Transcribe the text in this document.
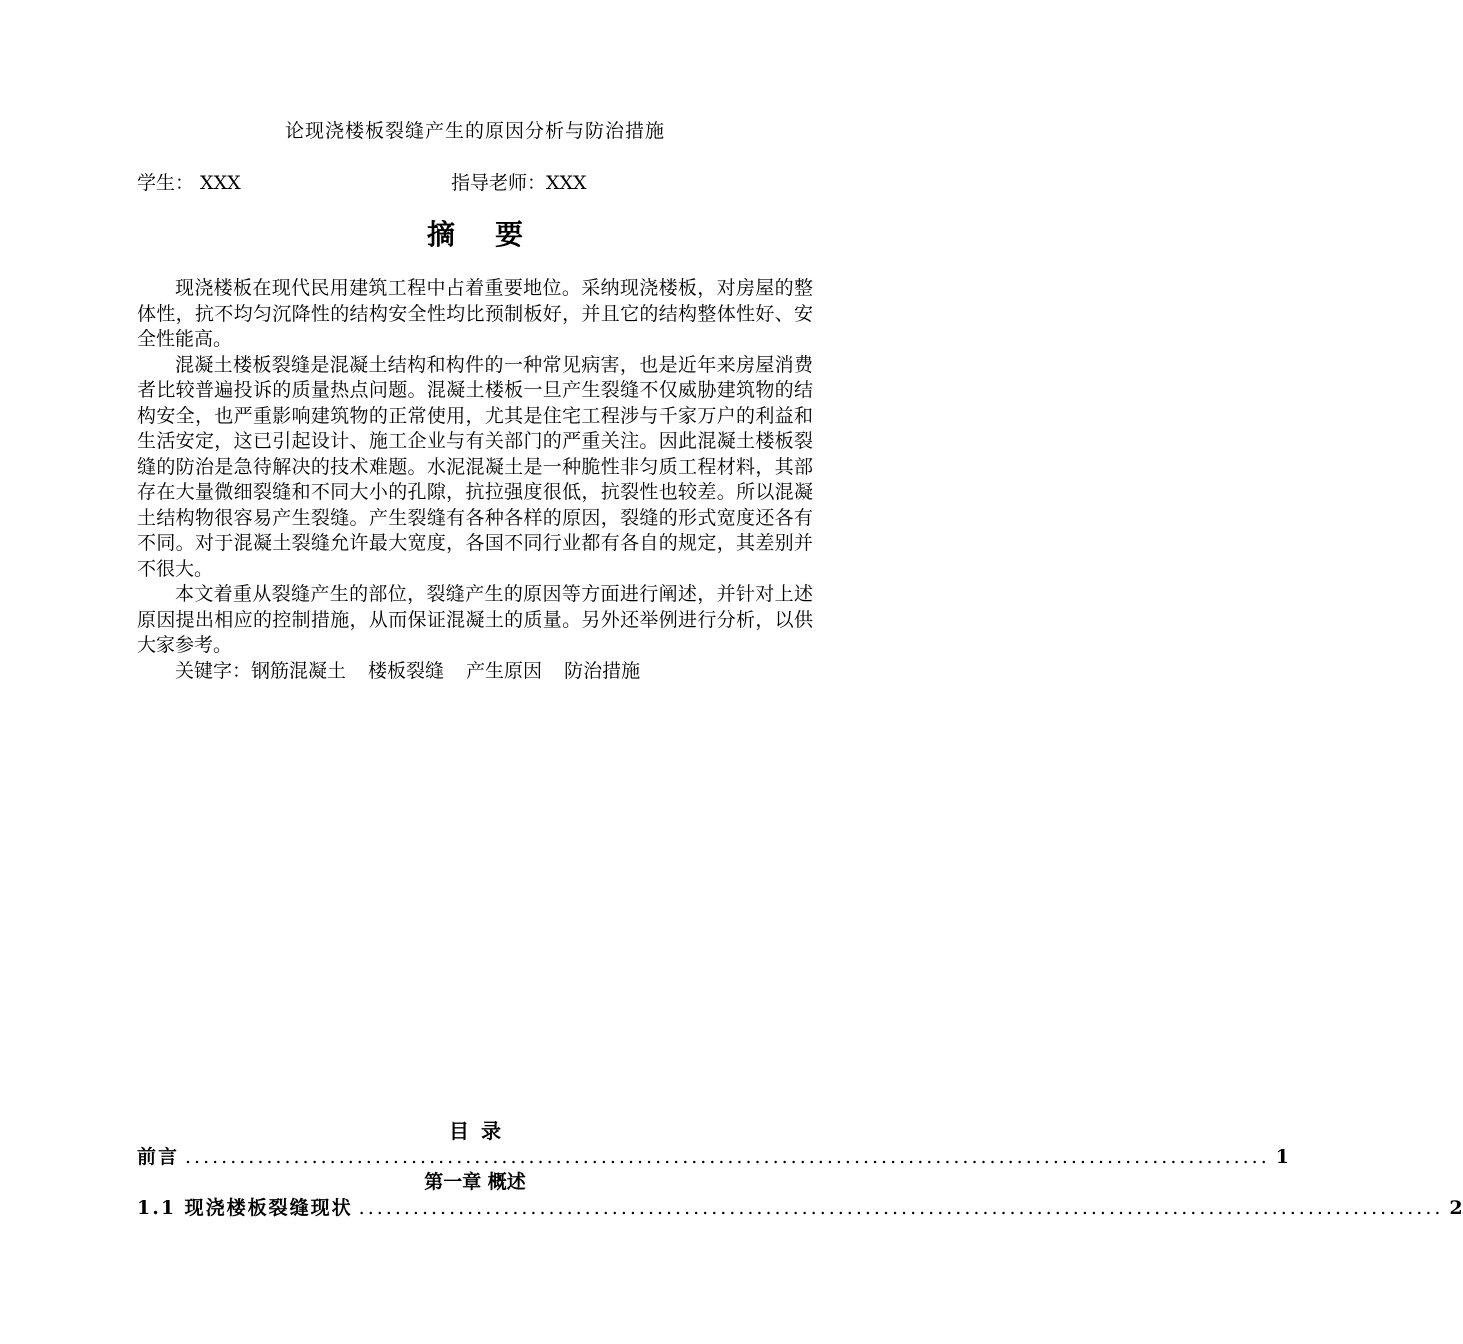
论现浇楼板裂缝产生的原因分析与防治措施
学生： XXX	指导老师：XXX
摘要

现浇楼板在现代民用建筑工程中占着重要地位。采纳现浇楼板，对房屋的整体性，抗不均匀沉降性的结构安全性均比预制板好，并且它的结构整体性好、安全性能高。

混凝土楼板裂缝是混凝土结构和构件的一种常见病害，也是近年来房屋消费者比较普遍投诉的质量热点问题。混凝土楼板一旦产生裂缝不仅威胁建筑物的结构安全，也严重影响建筑物的正常使用，尤其是住宅工程涉与千家万户的利益和生活安定，这已引起设计、施工企业与有关部门的严重关注。因此混凝土楼板裂缝的防治是急待解决的技术难题。水泥混凝土是一种脆性非匀质工程材料，其部存在大量微细裂缝和不同大小的孔隙，抗拉强度很低，抗裂性也较差。所以混凝土结构物很容易产生裂缝。产生裂缝有各种各样的原因，裂缝的形式宽度还各有不同。对于混凝土裂缝允许最大宽度，各国不同行业都有各自的规定，其差别并不很大。

本文着重从裂缝产生的部位，裂缝产生的原因等方面进行阐述，并针对上述原因提出相应的控制措施，从而保证混凝土的质量。另外还举例进行分析，以供大家参考。

关键字：钢筋混凝土 楼板裂缝 产生原因 防治措施

目录
前言 ........................................................................................................................ 1
第一章 概述
1.1 现浇楼板裂缝现状 ........................................................................................................................ 2
